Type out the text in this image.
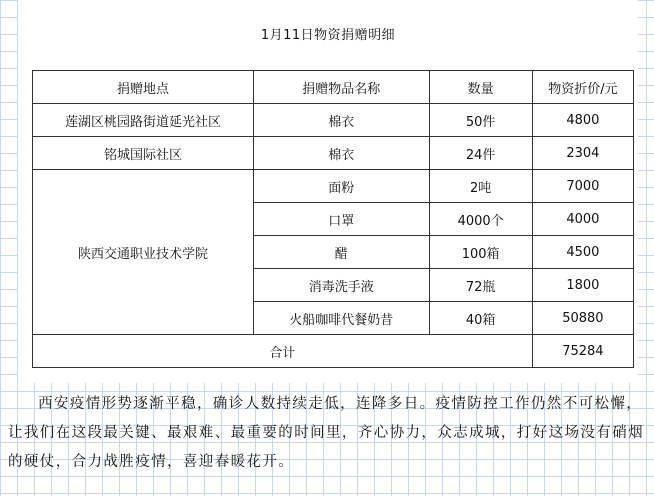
1月11日物资捐赠明细
捐赠地点	捐赠物品名称	数量	物资折价/元
莲湖区桃园路街道延光社区	棉衣	50件	4800
铭城国际社区	棉衣	24件	2304
陕西交通职业技术学院	面粉	2吨	7000
	口罩	4000个	4000
	醋	100箱	4500
	消毒洗手液	72瓶	1800
	火船咖啡代餐奶昔	40箱	50880
合计			75284

西安疫情形势逐渐平稳，确诊人数持续走低，连降多日。疫情防控工作仍然不可松懈，让我们在这段最关键、最艰难、最重要的时间里，齐心协力，众志成城，打好这场没有硝烟的硬仗，合力战胜疫情，喜迎春暖花开。
